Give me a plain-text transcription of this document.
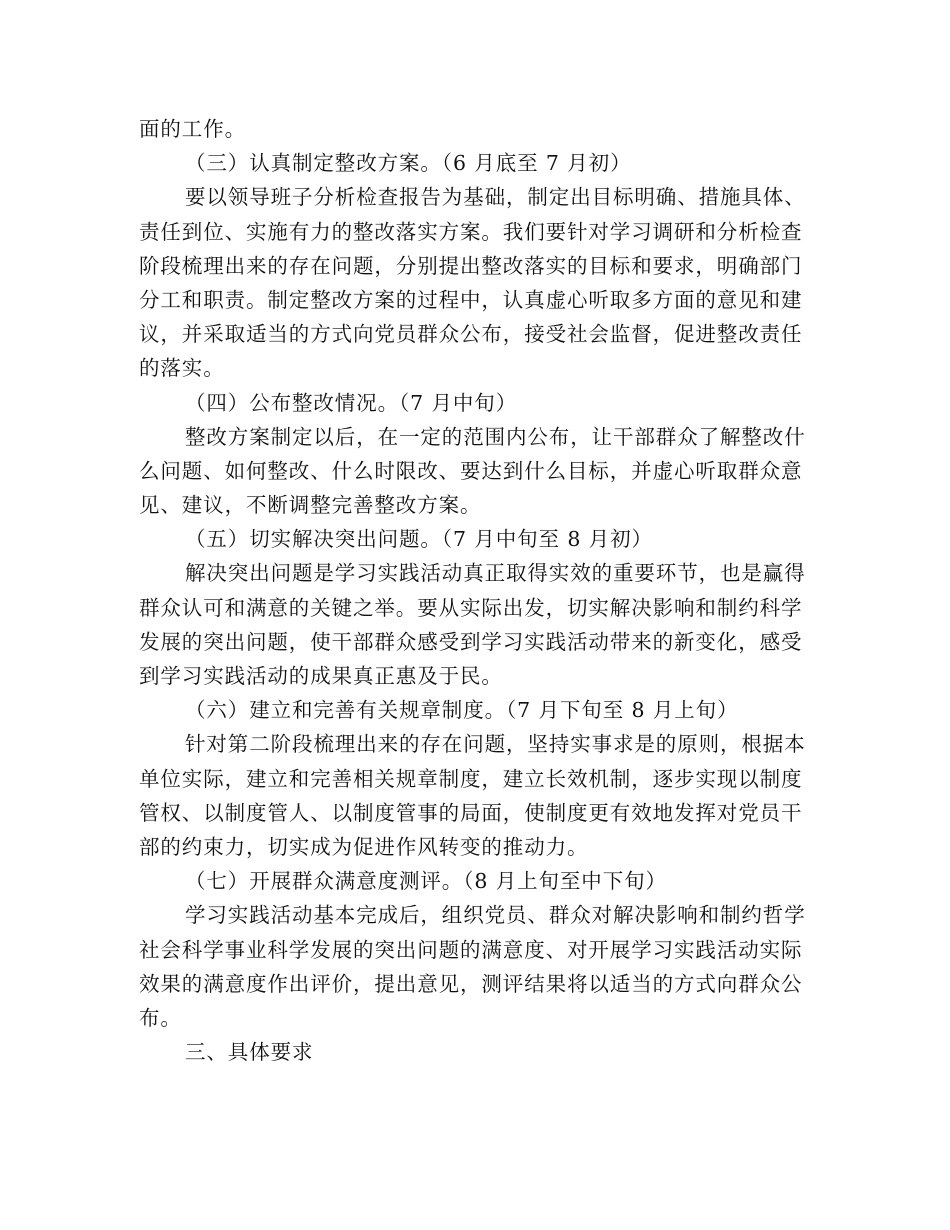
面的工作。
（三）认真制定整改方案。（6 月底至 7 月初）
要以领导班子分析检查报告为基础，制定出目标明确、措施具体、
责任到位、实施有力的整改落实方案。我们要针对学习调研和分析检查
阶段梳理出来的存在问题，分别提出整改落实的目标和要求，明确部门
分工和职责。制定整改方案的过程中，认真虚心听取多方面的意见和建
议，并采取适当的方式向党员群众公布，接受社会监督，促进整改责任
的落实。
（四）公布整改情况。（7 月中旬）
整改方案制定以后，在一定的范围内公布，让干部群众了解整改什
么问题、如何整改、什么时限改、要达到什么目标，并虚心听取群众意
见、建议，不断调整完善整改方案。
（五）切实解决突出问题。（7 月中旬至 8 月初）
解决突出问题是学习实践活动真正取得实效的重要环节，也是赢得
群众认可和满意的关键之举。要从实际出发，切实解决影响和制约科学
发展的突出问题，使干部群众感受到学习实践活动带来的新变化，感受
到学习实践活动的成果真正惠及于民。
（六）建立和完善有关规章制度。（7 月下旬至 8 月上旬）
针对第二阶段梳理出来的存在问题，坚持实事求是的原则，根据本
单位实际，建立和完善相关规章制度，建立长效机制，逐步实现以制度
管权、以制度管人、以制度管事的局面，使制度更有效地发挥对党员干
部的约束力，切实成为促进作风转变的推动力。
（七）开展群众满意度测评。（8 月上旬至中下旬）
学习实践活动基本完成后，组织党员、群众对解决影响和制约哲学
社会科学事业科学发展的突出问题的满意度、对开展学习实践活动实际
效果的满意度作出评价，提出意见，测评结果将以适当的方式向群众公
布。
三、具体要求
